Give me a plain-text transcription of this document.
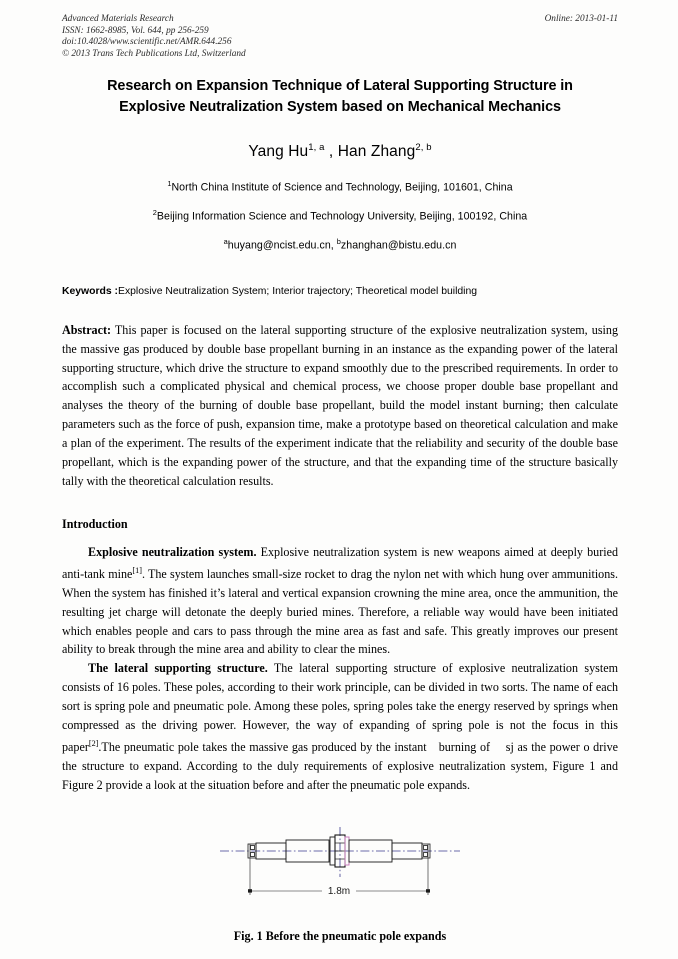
Advanced Materials Research
ISSN: 1662-8985, Vol. 644, pp 256-259
doi:10.4028/www.scientific.net/AMR.644.256
© 2013 Trans Tech Publications Ltd, Switzerland
Online: 2013-01-11
Research on Expansion Technique of Lateral Supporting Structure in
Explosive Neutralization System based on Mechanical Mechanics
Yang Hu$^{1, a}$ , Han Zhang$^{2, b}$
$^1$North China Institute of Science and Technology, Beijing, 101601, China
$^2$Beijing Information Science and Technology University, Beijing, 100192, China
$^a$huyang@ncist.edu.cn, $^b$zhanghan@bistu.edu.cn
Keywords :Explosive Neutralization System; Interior trajectory; Theoretical model building
Abstract: This paper is focused on the lateral supporting structure of the explosive neutralization system, using the massive gas produced by double base propellant burning in an instance as the expanding power of the lateral supporting structure, which drive the structure to expand smoothly due to the prescribed requirements. In order to accomplish such a complicated physical and chemical process, we choose proper double base propellant and analyses the theory of the burning of double base propellant, build the model instant burning; then calculate parameters such as the force of push, expansion time, make a prototype based on theoretical calculation and make a plan of the experiment. The results of the experiment indicate that the reliability and security of the double base propellant, which is the expanding power of the structure, and that the expanding time of the structure basically tally with the theoretical calculation results.
Introduction
Explosive neutralization system. Explosive neutralization system is new weapons aimed at deeply buried anti-tank mine[1]. The system launches small-size rocket to drag the nylon net with which hung over ammunitions. When the system has finished it’s lateral and vertical expansion crowning the mine area, once the ammunition, the resulting jet charge will detonate the deeply buried mines. Therefore, a reliable way would have been initiated which enables people and cars to pass through the mine area as fast and safe. This greatly improves our present ability to break through the mine area and ability to clear the mines.
The lateral supporting structure. The lateral supporting structure of explosive neutralization system consists of 16 poles. These poles, according to their work principle, can be divided in two sorts. The name of each sort is spring pole and pneumatic pole. Among these poles, spring poles take the energy reserved by springs when compressed as the driving power. However, the way of expanding of spring pole is not the focus in this paper[2].The pneumatic pole takes the massive gas produced by the instant burning of  sj as the power o drive the structure to expand. According to the duly requirements of explosive neutralization system, Figure 1 and Figure 2 provide a look at the situation before and after the pneumatic pole expands.
1.8m
Fig. 1 Before the pneumatic pole expands
